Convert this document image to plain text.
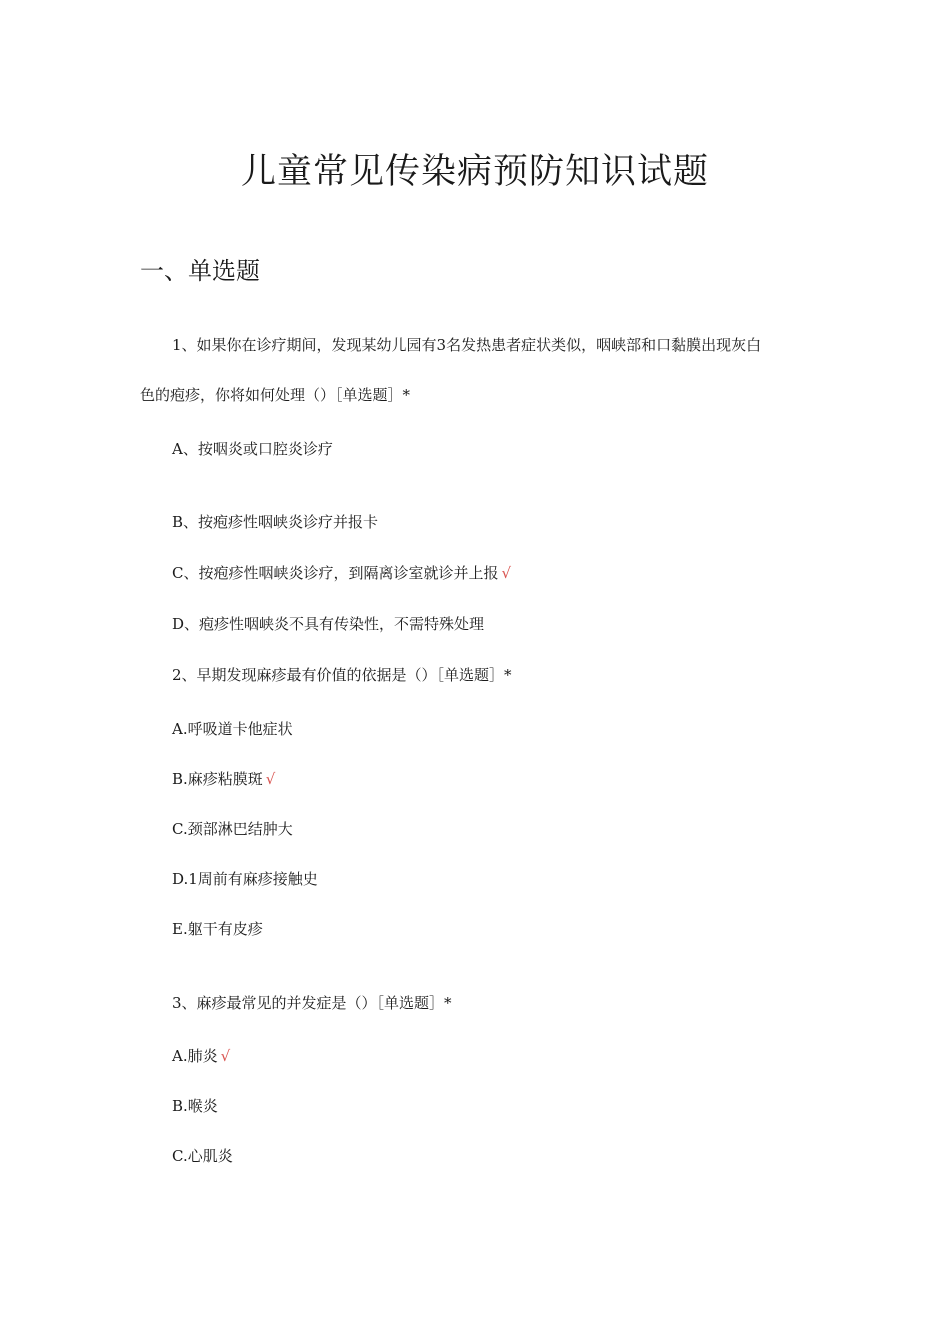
儿童常见传染病预防知识试题
一、单选题
1、如果你在诊疗期间，发现某幼儿园有3名发热患者症状类似，咽峡部和口黏膜出现灰白
色的疱疹，你将如何处理（）［单选题］*
A、按咽炎或口腔炎诊疗
B、按疱疹性咽峡炎诊疗并报卡
C、按疱疹性咽峡炎诊疗，到隔离诊室就诊并上报 √
D、疱疹性咽峡炎不具有传染性，不需特殊处理
2、早期发现麻疹最有价值的依据是（）［单选题］*
A.呼吸道卡他症状
B.麻疹粘膜斑 √
C.颈部淋巴结肿大
D.1周前有麻疹接触史
E.躯干有皮疹
3、麻疹最常见的并发症是（）［单选题］*
A.肺炎 √
B.喉炎
C.心肌炎
